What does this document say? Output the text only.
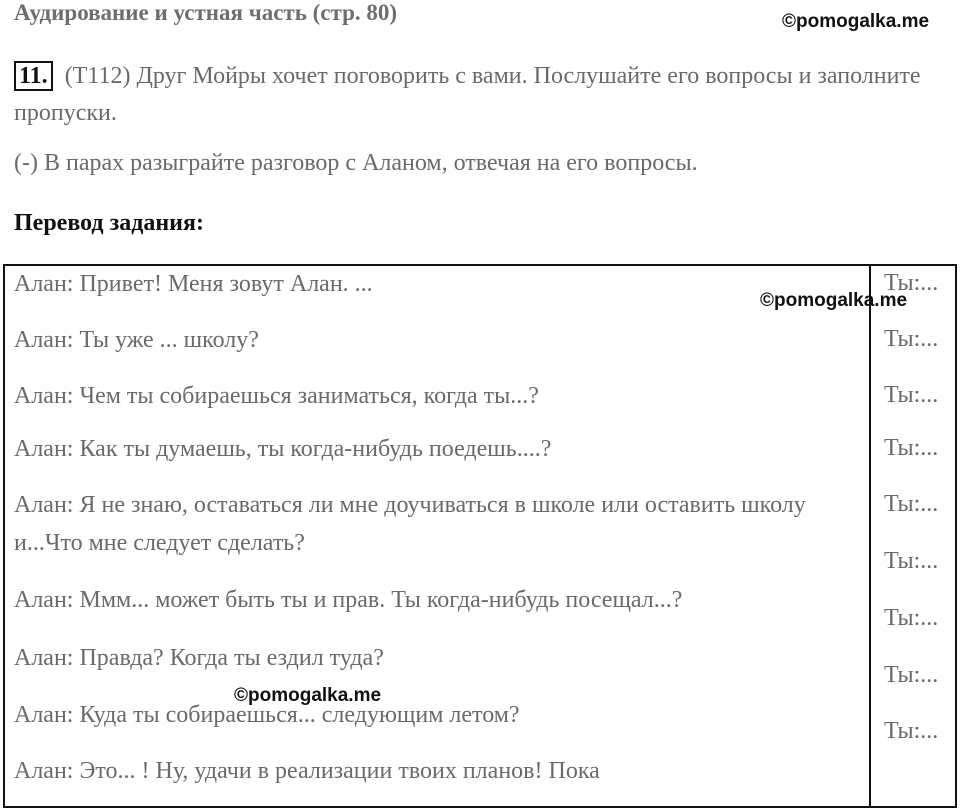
Аудирование и устная часть (стр. 80)	©pomogalka.me
11. (T112) Друг Мойры хочет поговорить с вами. Послушайте его вопросы и заполните пропуски.
(-) В парах разыграйте разговор с Аланом, отвечая на его вопросы.
Перевод задания:
Алан: Привет! Меня зовут Алан. ...
Алан: Ты уже ... школу?
Алан: Чем ты собираешься заниматься, когда ты...?
Алан: Как ты думаешь, ты когда-нибудь поедешь....?
Алан: Я не знаю, оставаться ли мне доучиваться в школе или оставить школу и...Что мне следует сделать?
Алан: Ммм... может быть ты и прав. Ты когда-нибудь посещал...?
Алан: Правда? Когда ты ездил туда?
Алан: Куда ты собираешься... следующим летом?
Алан: Это... ! Ну, удачи в реализации твоих планов! Пока
Ты:...
Ты:...
Ты:...
Ты:...
Ты:...
Ты:...
Ты:...
Ты:...
Ты:...
©pomogalka.me
©pomogalka.me
